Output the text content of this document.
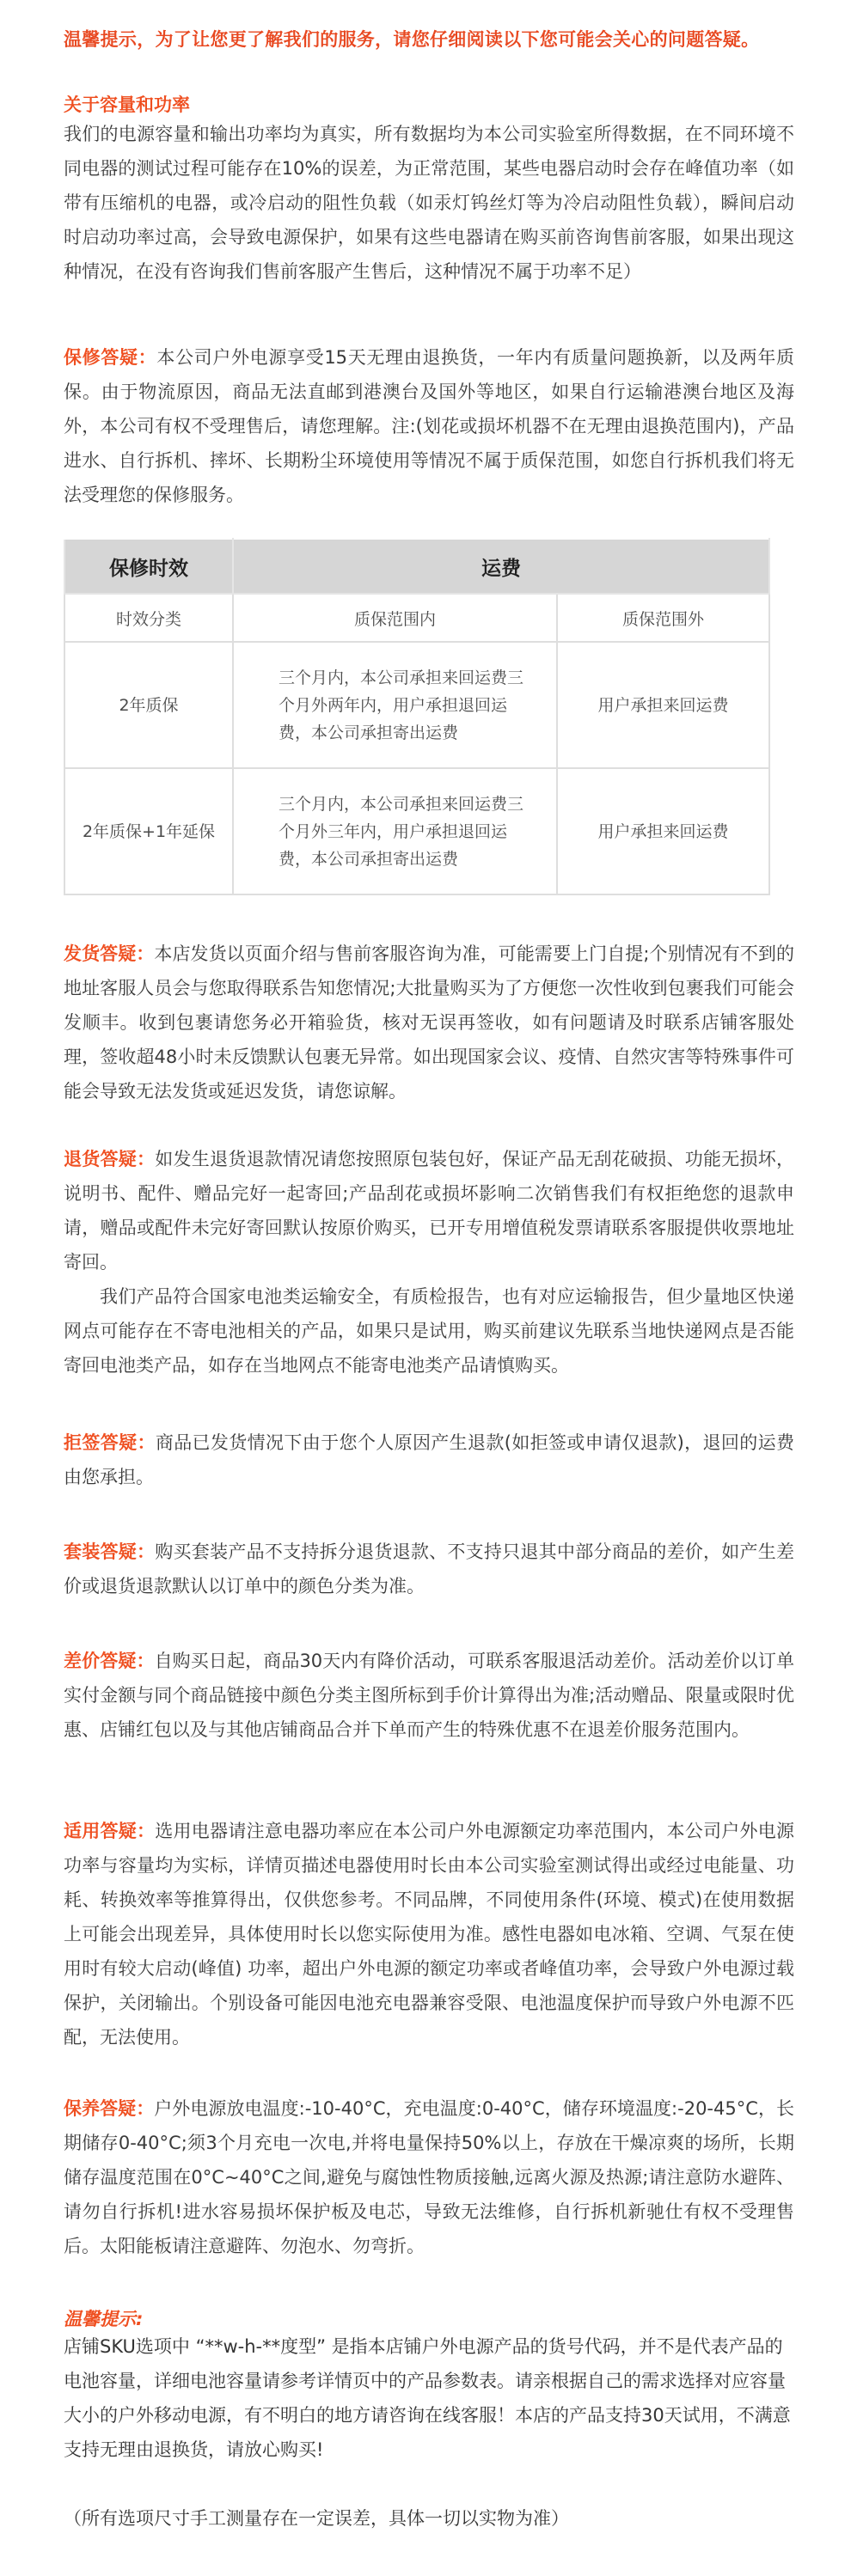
温馨提示，为了让您更了解我们的服务，请您仔细阅读以下您可能会关心的问题答疑。

关于容量和功率

我们的电源容量和输出功率均为真实，所有数据均为本公司实验室所得数据，在不同环境不同电器的测试过程可能存在10%的误差，为正常范围，某些电器启动时会存在峰值功率（如带有压缩机的电器，或冷启动的阻性负载（如汞灯钨丝灯等为冷启动阻性负载），瞬间启动时启动功率过高，会导致电源保护，如果有这些电器请在购买前咨询售前客服，如果出现这种情况，在没有咨询我们售前客服产生售后，这种情况不属于功率不足）

保修答疑：本公司户外电源享受15天无理由退换货，一年内有质量问题换新，以及两年质保。由于物流原因，商品无法直邮到港澳台及国外等地区，如果自行运输港澳台地区及海外，本公司有权不受理售后，请您理解。注:(划花或损坏机器不在无理由退换范围内)，产品进水、自行拆机、摔坏、长期粉尘环境使用等情况不属于质保范围，如您自行拆机我们将无法受理您的保修服务。

保修时效	运费	
时效分类	质保范围内	质保范围外
2年质保	三个月内，本公司承担来回运费三个月外两年内，用户承担退回运费，本公司承担寄出运费	用户承担来回运费
2年质保+1年延保	三个月内，本公司承担来回运费三个月外三年内，用户承担退回运费，本公司承担寄出运费	用户承担来回运费

发货答疑：本店发货以页面介绍与售前客服咨询为准，可能需要上门自提;个别情况有不到的地址客服人员会与您取得联系告知您情况;大批量购买为了方便您一次性收到包裹我们可能会发顺丰。收到包裹请您务必开箱验货，核对无误再签收，如有问题请及时联系店铺客服处理，签收超48小时未反馈默认包裹无异常。如出现国家会议、疫情、自然灾害等特殊事件可能会导致无法发货或延迟发货，请您谅解。

退货答疑：如发生退货退款情况请您按照原包装包好，保证产品无刮花破损、功能无损坏，说明书、配件、赠品完好一起寄回;产品刮花或损坏影响二次销售我们有权拒绝您的退款申请，赠品或配件未完好寄回默认按原价购买，已开专用增值税发票请联系客服提供收票地址寄回。

我们产品符合国家电池类运输安全，有质检报告，也有对应运输报告，但少量地区快递网点可能存在不寄电池相关的产品，如果只是试用，购买前建议先联系当地快递网点是否能寄回电池类产品，如存在当地网点不能寄电池类产品请慎购买。

拒签答疑：商品已发货情况下由于您个人原因产生退款(如拒签或申请仅退款)，退回的运费由您承担。

套装答疑：购买套装产品不支持拆分退货退款、不支持只退其中部分商品的差价，如产生差价或退货退款默认以订单中的颜色分类为准。

差价答疑：自购买日起，商品30天内有降价活动，可联系客服退活动差价。活动差价以订单实付金额与同个商品链接中颜色分类主图所标到手价计算得出为准;活动赠品、限量或限时优惠、店铺红包以及与其他店铺商品合并下单而产生的特殊优惠不在退差价服务范围内。

适用答疑：选用电器请注意电器功率应在本公司户外电源额定功率范围内，本公司户外电源功率与容量均为实标，详情页描述电器使用时长由本公司实验室测试得出或经过电能量、功耗、转换效率等推算得出，仅供您参考。不同品牌，不同使用条件(环境、模式)在使用数据上可能会出现差异，具体使用时长以您实际使用为准。感性电器如电冰箱、空调、气泵在使用时有较大启动(峰值) 功率，超出户外电源的额定功率或者峰值功率，会导致户外电源过载保护，关闭输出。个别设备可能因电池充电器兼容受限、电池温度保护而导致户外电源不匹配，无法使用。

保养答疑：户外电源放电温度:-10-40°C，充电温度:0-40°C，储存环境温度:-20-45°C，长期储存0-40°C;须3个月充电一次电,并将电量保持50%以上，存放在干燥凉爽的场所，长期储存温度范围在0°C~40°C之间,避免与腐蚀性物质接触,远离火源及热源;请注意防水避阵、请勿自行拆机!进水容易损坏保护板及电芯，导致无法维修，自行拆机新驰仕有权不受理售后。太阳能板请注意避阵、勿泡水、勿弯折。

温馨提示:

店铺SKU选项中 “**w-h-**度型” 是指本店铺户外电源产品的货号代码，并不是代表产品的电池容量，详细电池容量请参考详情页中的产品参数表。请亲根据自己的需求选择对应容量大小的户外移动电源，有不明白的地方请咨询在线客服！本店的产品支持30天试用，不满意支持无理由退换货，请放心购买!

（所有选项尺寸手工测量存在一定误差，具体一切以实物为准）
